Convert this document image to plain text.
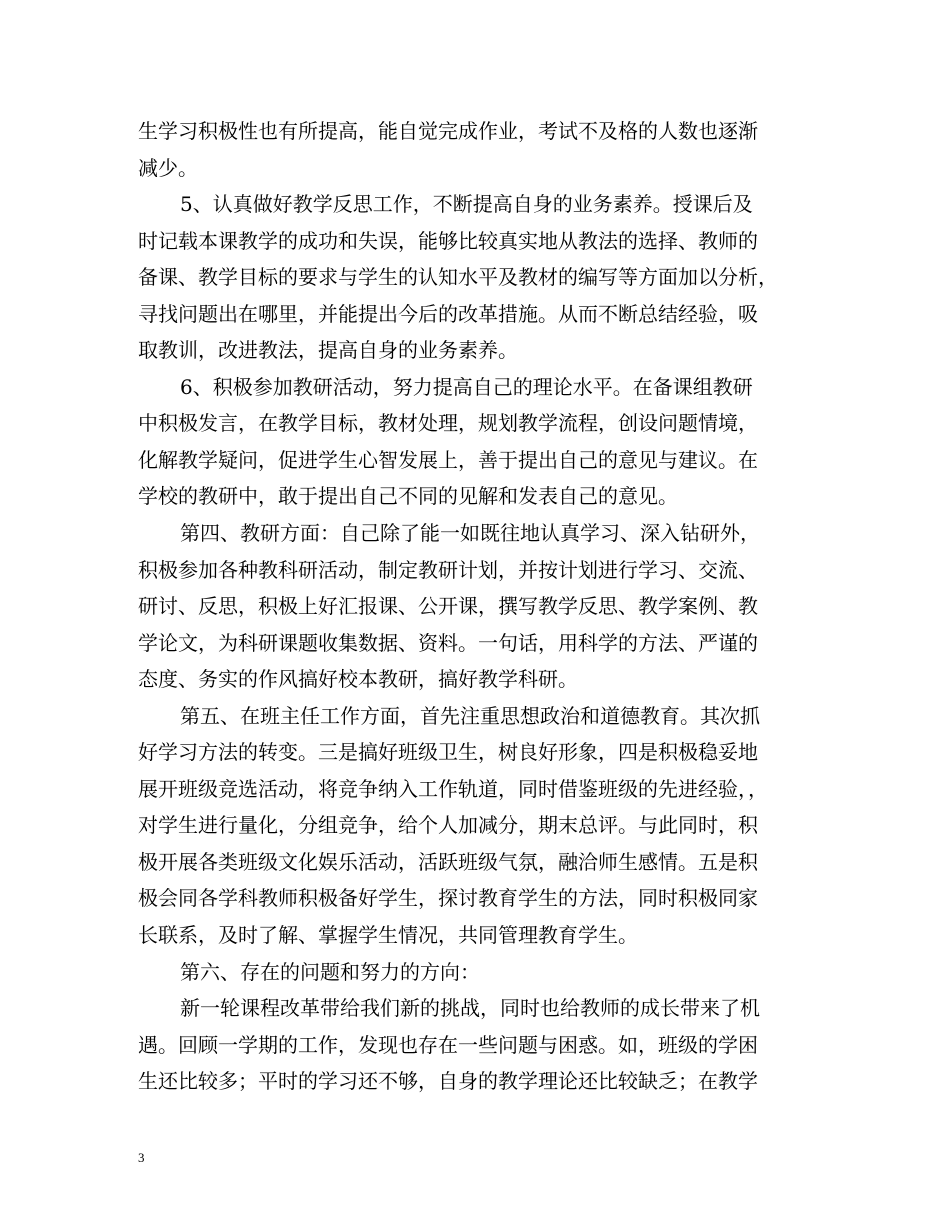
生学习积极性也有所提高，能自觉完成作业，考试不及格的人数也逐渐
减少。
5、认真做好教学反思工作，不断提高自身的业务素养。授课后及
时记载本课教学的成功和失误，能够比较真实地从教法的选择、教师的
备课、教学目标的要求与学生的认知水平及教材的编写等方面加以分析，
寻找问题出在哪里，并能提出今后的改革措施。从而不断总结经验，吸
取教训，改进教法，提高自身的业务素养。
6、积极参加教研活动，努力提高自己的理论水平。在备课组教研
中积极发言，在教学目标，教材处理，规划教学流程，创设问题情境，
化解教学疑问，促进学生心智发展上，善于提出自己的意见与建议。在
学校的教研中，敢于提出自己不同的见解和发表自己的意见。
第四、教研方面：自己除了能一如既往地认真学习、深入钻研外，
积极参加各种教科研活动，制定教研计划，并按计划进行学习、交流、
研讨、反思，积极上好汇报课、公开课，撰写教学反思、教学案例、教
学论文，为科研课题收集数据、资料。一句话，用科学的方法、严谨的
态度、务实的作风搞好校本教研，搞好教学科研。
第五、在班主任工作方面，首先注重思想政治和道德教育。其次抓
好学习方法的转变。三是搞好班级卫生，树良好形象，四是积极稳妥地
展开班级竞选活动，将竞争纳入工作轨道，同时借鉴班级的先进经验，，
对学生进行量化，分组竞争，给个人加减分，期末总评。与此同时，积
极开展各类班级文化娱乐活动，活跃班级气氛，融洽师生感情。五是积
极会同各学科教师积极备好学生，探讨教育学生的方法，同时积极同家
长联系，及时了解、掌握学生情况，共同管理教育学生。
第六、存在的问题和努力的方向：
新一轮课程改革带给我们新的挑战，同时也给教师的成长带来了机
遇。回顾一学期的工作，发现也存在一些问题与困惑。如，班级的学困
生还比较多；平时的学习还不够，自身的教学理论还比较缺乏；在教学
3
